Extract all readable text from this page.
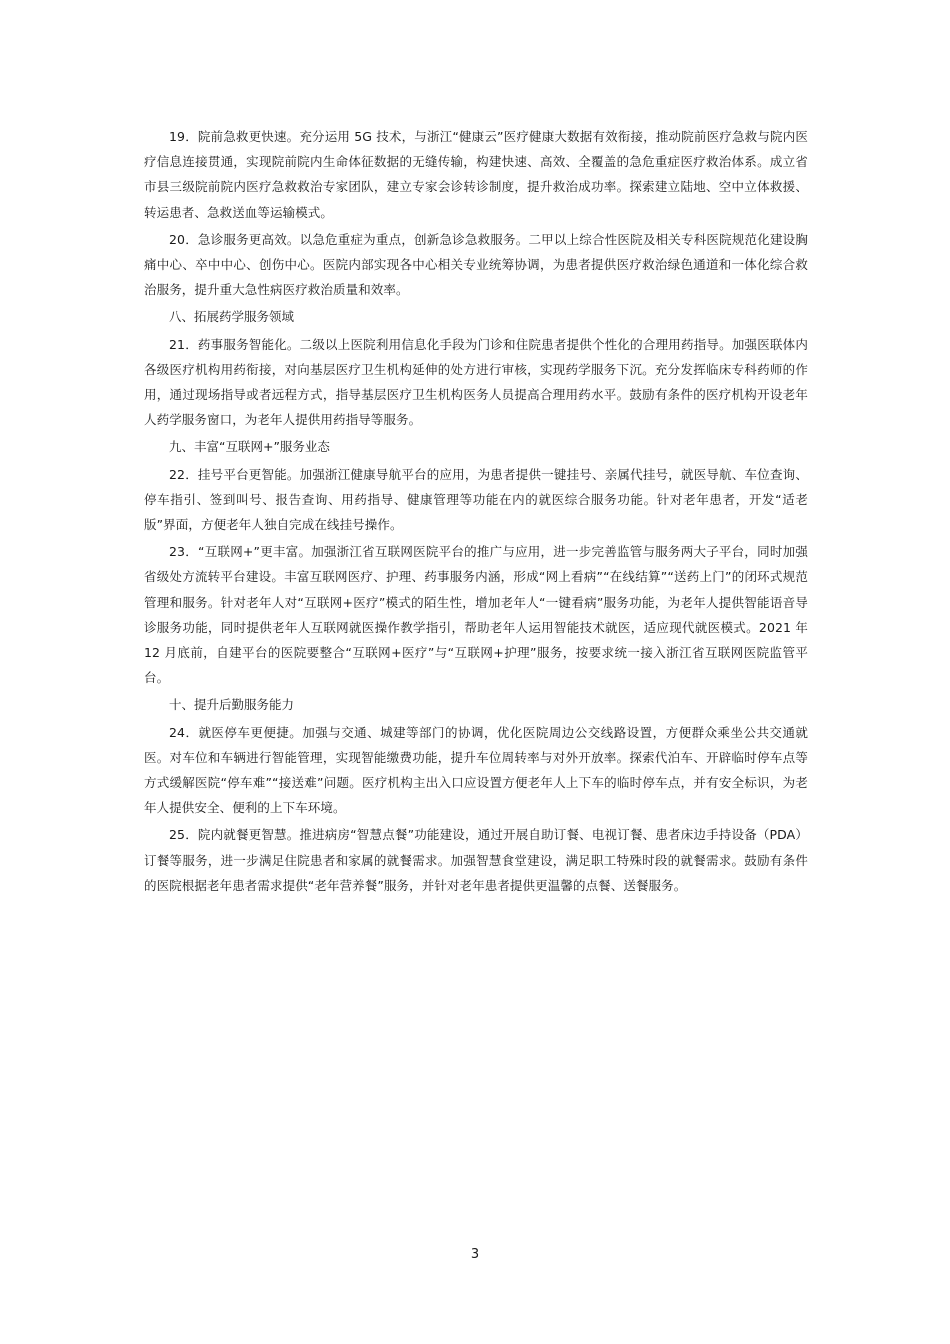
19．院前急救更快速。充分运用 5G 技术，与浙江“健康云”医疗健康大数据有效衔接，推动院前医疗急救与院内医疗信息连接贯通，实现院前院内生命体征数据的无缝传输，构建快速、高效、全覆盖的急危重症医疗救治体系。成立省市县三级院前院内医疗急救救治专家团队，建立专家会诊转诊制度，提升救治成功率。探索建立陆地、空中立体救援、转运患者、急救送血等运输模式。

20．急诊服务更高效。以急危重症为重点，创新急诊急救服务。二甲以上综合性医院及相关专科医院规范化建设胸痛中心、卒中中心、创伤中心。医院内部实现各中心相关专业统筹协调，为患者提供医疗救治绿色通道和一体化综合救治服务，提升重大急性病医疗救治质量和效率。

八、拓展药学服务领域

21．药事服务智能化。二级以上医院利用信息化手段为门诊和住院患者提供个性化的合理用药指导。加强医联体内各级医疗机构用药衔接，对向基层医疗卫生机构延伸的处方进行审核，实现药学服务下沉。充分发挥临床专科药师的作用，通过现场指导或者远程方式，指导基层医疗卫生机构医务人员提高合理用药水平。鼓励有条件的医疗机构开设老年人药学服务窗口，为老年人提供用药指导等服务。

九、丰富“互联网+”服务业态

22．挂号平台更智能。加强浙江健康导航平台的应用，为患者提供一键挂号、亲属代挂号，就医导航、车位查询、停车指引、签到叫号、报告查询、用药指导、健康管理等功能在内的就医综合服务功能。针对老年患者，开发“适老版”界面，方便老年人独自完成在线挂号操作。

23．“互联网+”更丰富。加强浙江省互联网医院平台的推广与应用，进一步完善监管与服务两大子平台，同时加强省级处方流转平台建设。丰富互联网医疗、护理、药事服务内涵，形成“网上看病”“在线结算”“送药上门”的闭环式规范管理和服务。针对老年人对“互联网+医疗”模式的陌生性，增加老年人“一键看病”服务功能，为老年人提供智能语音导诊服务功能，同时提供老年人互联网就医操作教学指引，帮助老年人运用智能技术就医，适应现代就医模式。2021 年 12 月底前，自建平台的医院要整合“互联网+医疗”与“互联网+护理”服务，按要求统一接入浙江省互联网医院监管平台。

十、提升后勤服务能力

24．就医停车更便捷。加强与交通、城建等部门的协调，优化医院周边公交线路设置，方便群众乘坐公共交通就医。对车位和车辆进行智能管理，实现智能缴费功能，提升车位周转率与对外开放率。探索代泊车、开辟临时停车点等方式缓解医院“停车难”“接送难”问题。医疗机构主出入口应设置方便老年人上下车的临时停车点，并有安全标识，为老年人提供安全、便利的上下车环境。

25．院内就餐更智慧。推进病房“智慧点餐”功能建设，通过开展自助订餐、电视订餐、患者床边手持设备（PDA）订餐等服务，进一步满足住院患者和家属的就餐需求。加强智慧食堂建设，满足职工特殊时段的就餐需求。鼓励有条件的医院根据老年患者需求提供“老年营养餐”服务，并针对老年患者提供更温馨的点餐、送餐服务。

3
